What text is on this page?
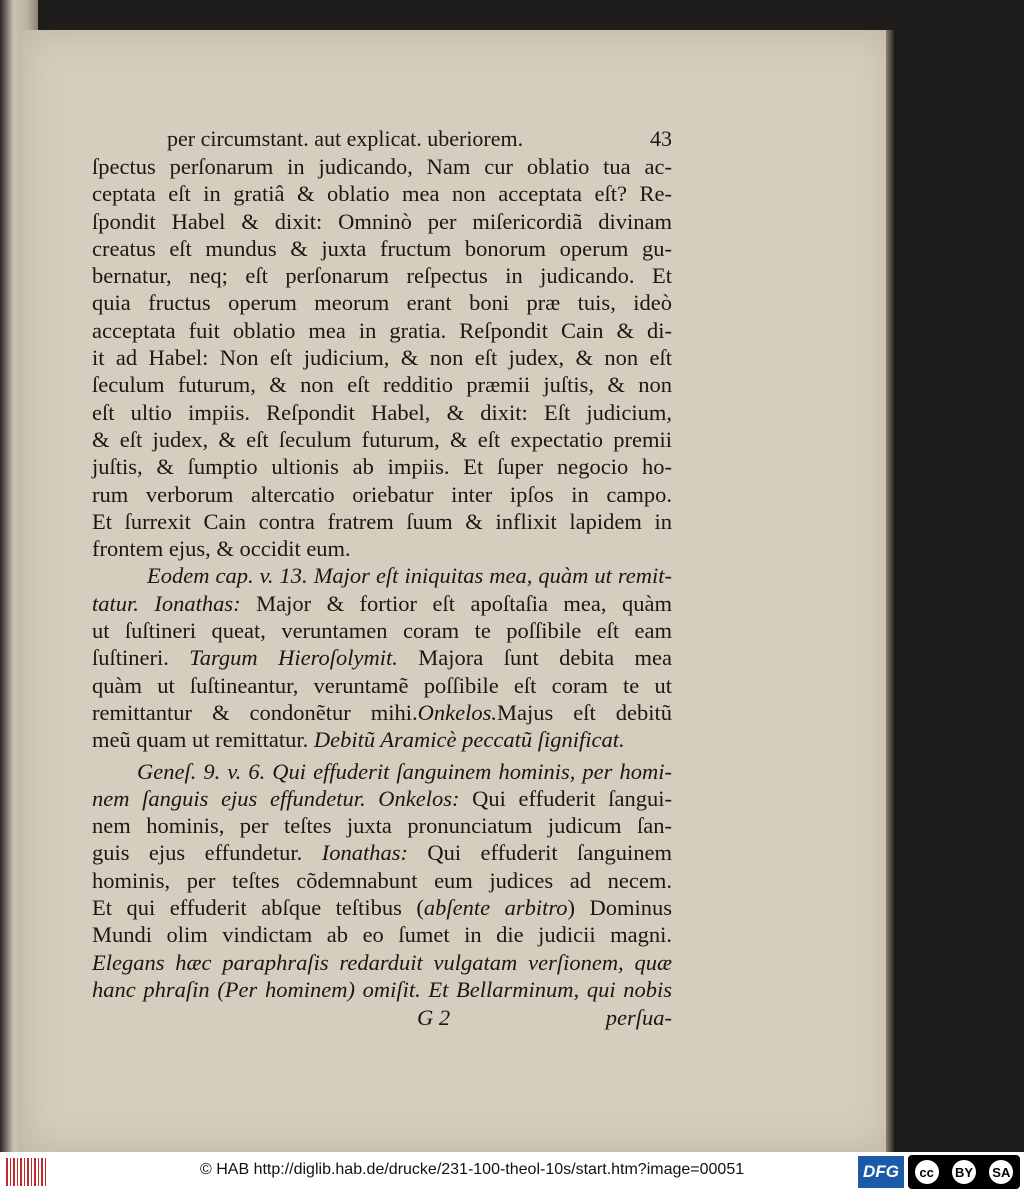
per circumstant. aut explicat. uberiorem.	43
ſpectus perſonarum in judicando, Nam cur oblatio tua ac-
ceptata eſt in gratiâ & oblatio mea non acceptata eſt? Re-
ſpondit Habel & dixit: Omninò per miſericordiã divinam
creatus eſt mundus & juxta fructum bonorum operum gu-
bernatur, neq; eſt perſonarum reſpectus in judicando. Et
quia fructus operum meorum erant boni præ tuis, ideò
acceptata fuit oblatio mea in gratia. Reſpondit Cain & di-
it ad Habel: Non eſt judicium, & non eſt judex, & non eſt
ſeculum futurum, & non eſt redditio præmii juſtis, & non
eſt ultio impiis. Reſpondit Habel, & dixit: Eſt judicium,
& eſt judex, & eſt ſeculum futurum, & eſt expectatio premii
juſtis, & ſumptio ultionis ab impiis. Et ſuper negocio ho-
rum verborum altercatio oriebatur inter ipſos in campo.
Et ſurrexit Cain contra fratrem ſuum & inflixit lapidem in
frontem ejus, & occidit eum.
Eodem cap. v. 13. Major eſt iniquitas mea, quàm ut remit-
tatur. Ionathas: Major & fortior eſt apoſtaſia mea, quàm
ut ſuſtineri queat, veruntamen coram te poſſibile eſt eam
ſuſtineri. Targum Hieroſolymit. Majora ſunt debita mea
quàm ut ſuſtineantur, veruntamẽ poſſibile eſt coram te ut
remittantur & condonẽtur mihi.Onkelos.Majus eſt debitũ
meũ quam ut remittatur. Debitũ Aramicè peccatũ ſignificat.
Geneſ. 9. v. 6. Qui effuderit ſanguinem hominis, per homi-
nem ſanguis ejus effundetur. Onkelos: Qui effuderit ſangui-
nem hominis, per teſtes juxta pronunciatum judicum ſan-
guis ejus effundetur. Ionathas: Qui effuderit ſanguinem
hominis, per teſtes cõdemnabunt eum judices ad necem.
Et qui effuderit abſque teſtibus (abſente arbitro) Dominus
Mundi olim vindictam ab eo ſumet in die judicii magni.
Elegans hæc paraphraſis redarduit vulgatam verſionem, quæ
hanc phraſin (Per hominem) omiſit. Et Bellarminum, qui nobis
G 2	perſua-
© HAB http://diglib.hab.de/drucke/231-100-theol-10s/start.htm?image=00051	DFG	cc	BY SA
